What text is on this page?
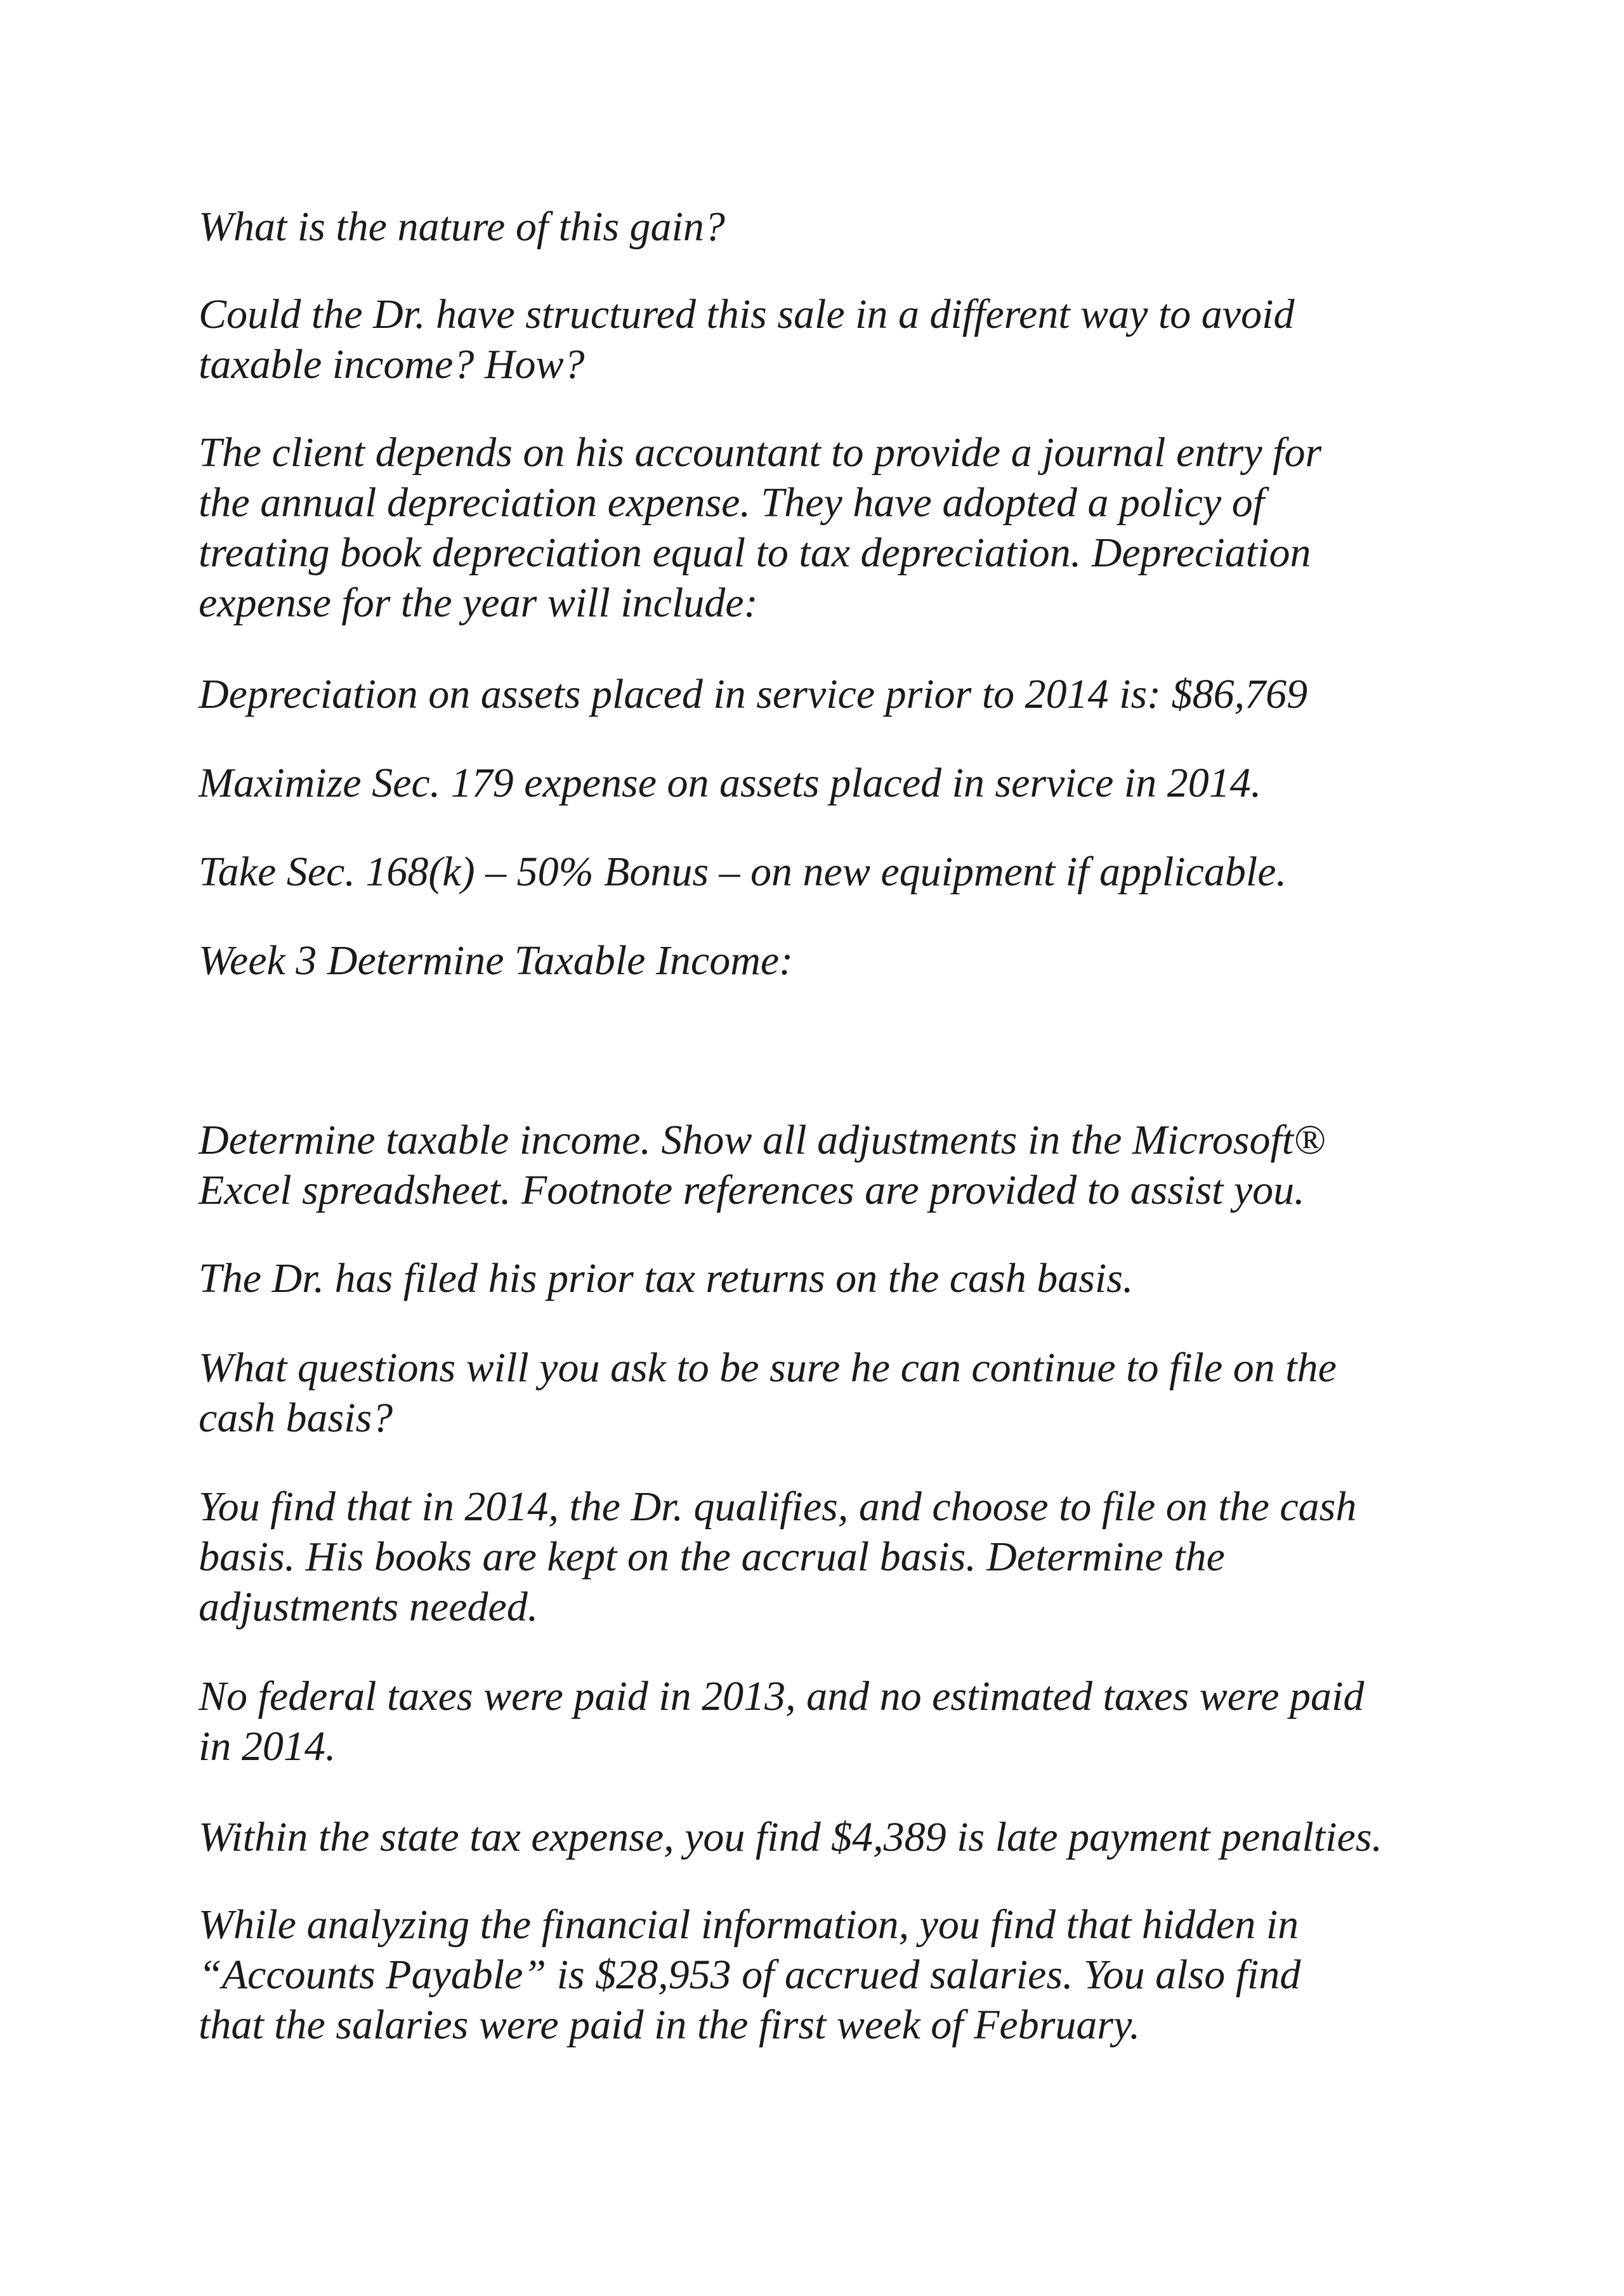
What is the nature of this gain?

Could the Dr. have structured this sale in a different way to avoid
taxable income? How?

The client depends on his accountant to provide a journal entry for
the annual depreciation expense. They have adopted a policy of
treating book depreciation equal to tax depreciation. Depreciation
expense for the year will include:

Depreciation on assets placed in service prior to 2014 is: $86,769

Maximize Sec. 179 expense on assets placed in service in 2014.

Take Sec. 168(k) – 50% Bonus – on new equipment if applicable.

Week 3 Determine Taxable Income:

Determine taxable income. Show all adjustments in the Microsoft®
Excel spreadsheet. Footnote references are provided to assist you.

The Dr. has filed his prior tax returns on the cash basis.

What questions will you ask to be sure he can continue to file on the
cash basis?

You find that in 2014, the Dr. qualifies, and choose to file on the cash
basis. His books are kept on the accrual basis. Determine the
adjustments needed.

No federal taxes were paid in 2013, and no estimated taxes were paid
in 2014.

Within the state tax expense, you find $4,389 is late payment penalties.

While analyzing the financial information, you find that hidden in
“Accounts Payable” is $28,953 of accrued salaries. You also find
that the salaries were paid in the first week of February.
